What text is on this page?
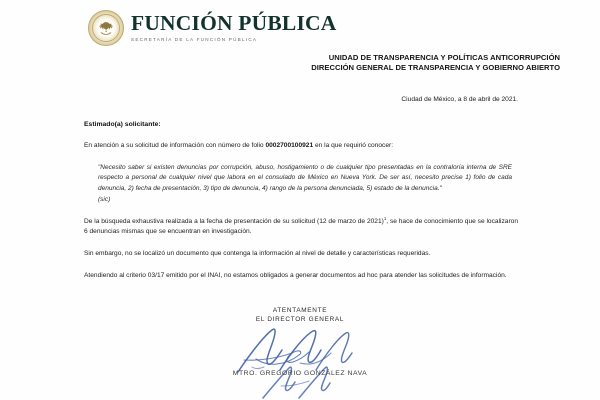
FUNCIÓN PÚBLICA
SECRETARÍA DE LA FUNCIÓN PÚBLICA
UNIDAD DE TRANSPARENCIA Y POLÍTICAS ANTICORRUPCIÓN
DIRECCIÓN GENERAL DE TRANSPARENCIA Y GOBIERNO ABIERTO
Ciudad de México, a 8 de abril de 2021.
Estimado(a) solicitante:

En atención a su solicitud de información con número de folio 0002700100921 en la que requirió conocer:

"Necesito saber si existen denuncias por corrupción, abuso, hostigamiento o de cualquier tipo presentadas en la contraloría interna de SRE respecto a personal de cualquier nivel que labora en el consulado de México en Nueva York. De ser así, necesito precise 1) folio de cada denuncia, 2) fecha de presentación, 3) tipo de denuncia, 4) rango de la persona denunciada, 5) estado de la denuncia."
(sic)

De la búsqueda exhaustiva realizada a la fecha de presentación de su solicitud (12 de marzo de 2021)$^1$, se hace de conocimiento que se localizaron 6 denuncias mismas que se encuentran en investigación.

Sin embargo, no se localizó un documento que contenga la información al nivel de detalle y características requeridas.

Atendiendo al criterio 03/17 emitido por el INAI, no estamos obligados a generar documentos ad hoc para atender las solicitudes de información.

ATENTAMENTE
EL DIRECTOR GENERAL
MTRO. GREGORIO GONZÁLEZ NAVA
